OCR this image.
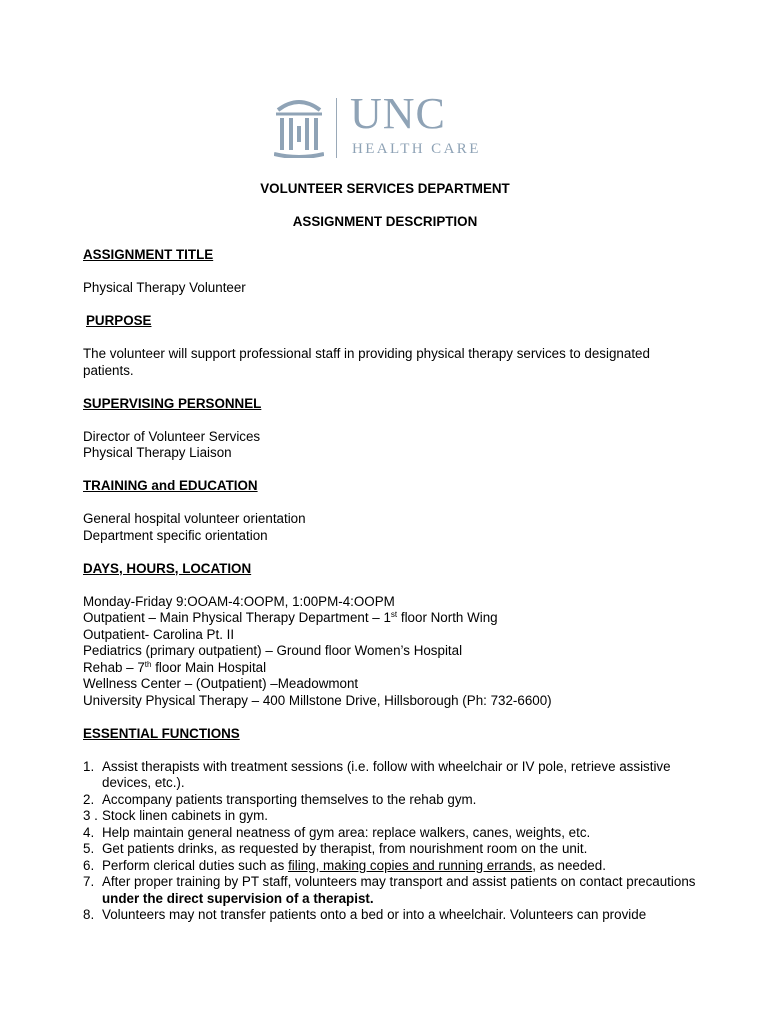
UNC
HEALTH CARE
VOLUNTEER SERVICES DEPARTMENT
ASSIGNMENT DESCRIPTION

ASSIGNMENT TITLE

Physical Therapy Volunteer

PURPOSE

The volunteer will support professional staff in providing physical therapy services to designated patients.

SUPERVISING PERSONNEL

Director of Volunteer Services

Physical Therapy Liaison

TRAINING and EDUCATION

General hospital volunteer orientation

Department specific orientation

DAYS, HOURS, LOCATION

Monday-Friday 9:OOAM-4:OOPM, 1:00PM-4:OOPM

Outpatient – Main Physical Therapy Department – 1st floor North Wing

Outpatient- Carolina Pt. II

Pediatrics (primary outpatient) – Ground floor Women’s Hospital

Rehab – 7th floor Main Hospital

Wellness Center – (Outpatient) –Meadowmont

University Physical Therapy – 400 Millstone Drive, Hillsborough (Ph: 732-6600)

ESSENTIAL FUNCTIONS

1. Assist therapists with treatment sessions (i.e. follow with wheelchair or IV pole, retrieve assistive devices, etc.).
2. Accompany patients transporting themselves to the rehab gym.
3 . Stock linen cabinets in gym.
4. Help maintain general neatness of gym area: replace walkers, canes, weights, etc.
5. Get patients drinks, as requested by therapist, from nourishment room on the unit.
6. Perform clerical duties such as filing, making copies and running errands, as needed.
7. After proper training by PT staff, volunteers may transport and assist patients on contact precautions under the direct supervision of a therapist.
8. Volunteers may not transfer patients onto a bed or into a wheelchair. Volunteers can provide
